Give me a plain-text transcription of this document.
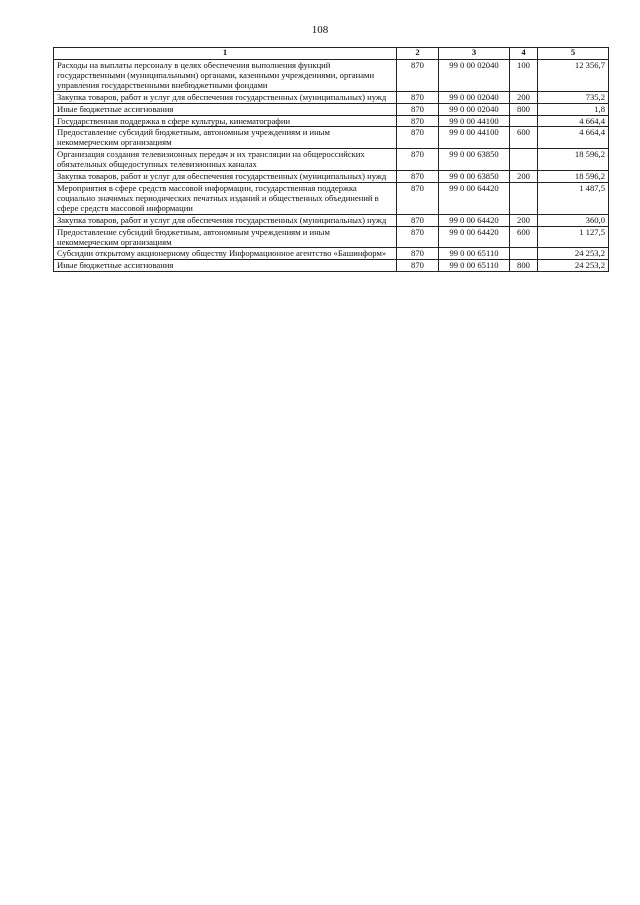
108
1	2	3	4	5
Расходы на выплаты персоналу в целях обеспечения выполнения функций государственными (муниципальными) органами, казенными учреждениями, органами управления государственными внебюджетными фондами	870	99 0 00 02040	100	12 356,7
Закупка товаров, работ и услуг для обеспечения государственных (муниципальных) нужд	870	99 0 00 02040	200	735,2
Иные бюджетные ассигнования	870	99 0 00 02040	800	1,8
Государственная поддержка в сфере культуры, кинематографии	870	99 0 00 44100		4 664,4
Предоставление субсидий бюджетным, автономным учреждениям и иным некоммерческим организациям	870	99 0 00 44100	600	4 664,4
Организация создания телевизионных передач и их трансляции на общероссийских обязательных общедоступных телевизионных каналах	870	99 0 00 63850		18 596,2
Закупка товаров, работ и услуг для обеспечения государственных (муниципальных) нужд	870	99 0 00 63850	200	18 596,2
Мероприятия в сфере средств массовой информации, государственная поддержка социально значимых периодических печатных изданий и общественных объединений в сфере средств массовой информации	870	99 0 00 64420		1 487,5
Закупка товаров, работ и услуг для обеспечения государственных (муниципальных) нужд	870	99 0 00 64420	200	360,0
Предоставление субсидий бюджетным, автономным учреждениям и иным некоммерческим организациям	870	99 0 00 64420	600	1 127,5
Субсидии открытому акционерному обществу Информационное агентство «Башинформ»	870	99 0 00 65110		24 253,2
Иные бюджетные ассигнования	870	99 0 00 65110	800	24 253,2
